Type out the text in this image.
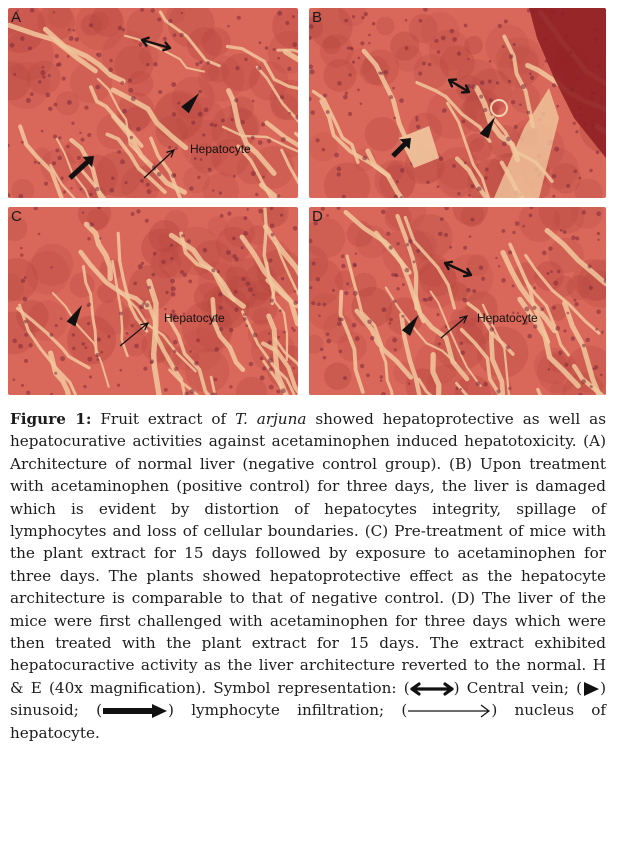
A
Hepatocyte
B
C
Hepatocyte
D
Hepatocyte
Figure 1: Fruit extract of T. arjuna showed hepatoprotective as well as hepatocurative activities against acetaminophen induced hepatotoxicity. (A) Architecture of normal liver (negative control group). (B) Upon treatment with acetaminophen (positive control) for three days, the liver is damaged which is evident by distortion of hepatocytes integrity, spillage of lymphocytes and loss of cellular boundaries. (C) Pre-treatment of mice with the plant extract for 15 days followed by exposure to acetaminophen for three days. The plants showed hepatoprotective effect as the hepatocyte architecture is comparable to that of negative control. (D) The liver of the mice were first challenged with acetaminophen for three days which were then treated with the plant extract for 15 days. The extract exhibited hepatocuractive activity as the liver architecture reverted to the normal. H & E (40x magnification). Symbol representation: (	) Central vein; ( ) sinusoid; (	) lymphocyte infiltration; (	) nucleus of hepatocyte.
